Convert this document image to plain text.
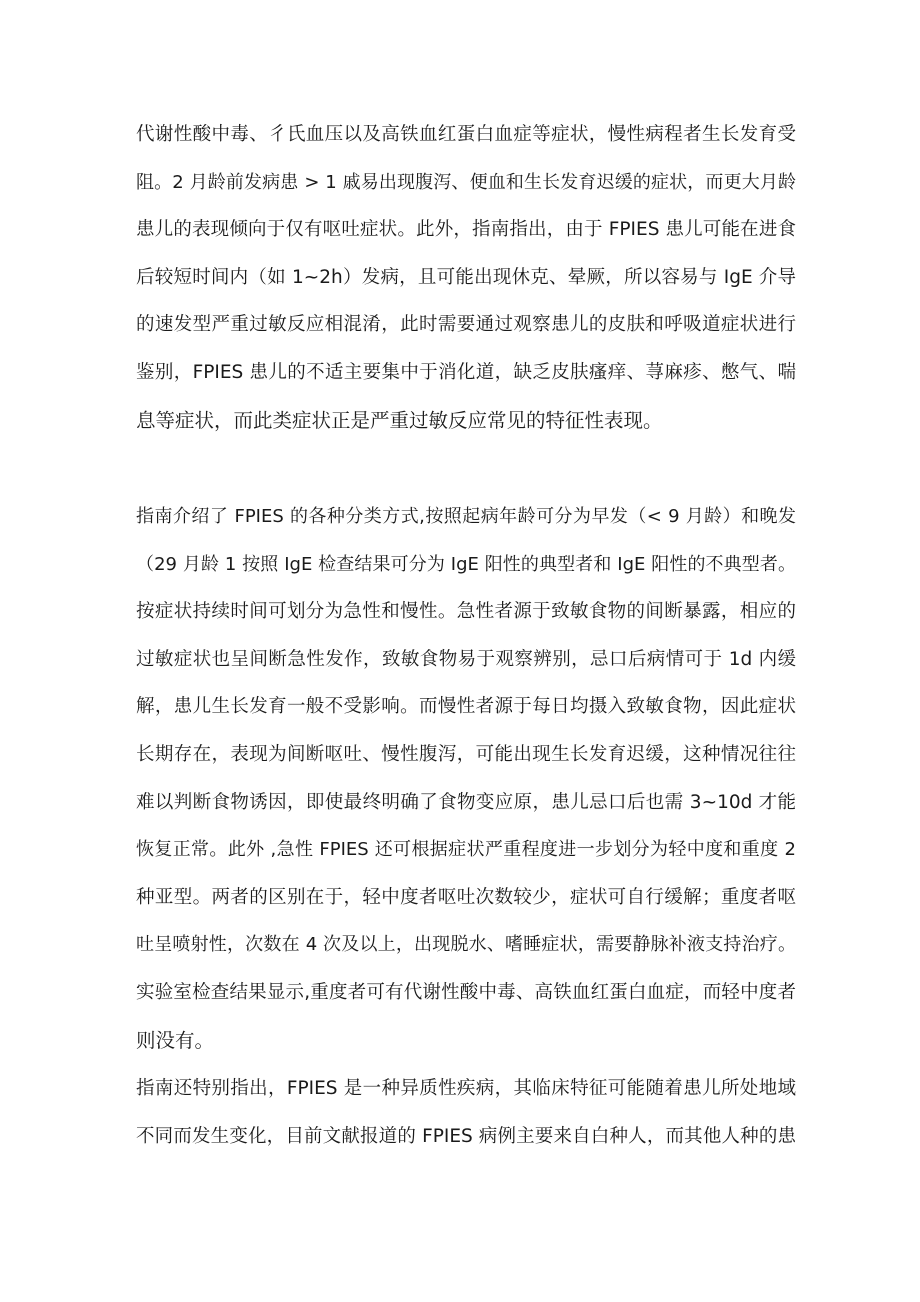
代谢性酸中毒、彳氏血压以及高铁血红蛋白血症等症状，慢性病程者生长发育受
阻。2 月龄前发病患 > 1 戚易出现腹泻、便血和生长发育迟缓的症状，而更大月龄
患儿的表现倾向于仅有呕吐症状。此外，指南指出，由于 FPIES 患儿可能在进食
后较短时间内（如 1~2h）发病，且可能出现休克、晕厥，所以容易与 IgE 介导
的速发型严重过敏反应相混淆，此时需要通过观察患儿的皮肤和呼吸道症状进行
鉴别，FPIES 患儿的不适主要集中于消化道，缺乏皮肤瘙痒、荨麻疹、憋气、喘
息等症状，而此类症状正是严重过敏反应常见的特征性表现。
指南介绍了 FPIES 的各种分类方式,按照起病年龄可分为早发（< 9 月龄）和晚发
（29 月龄 1 按照 IgE 检查结果可分为 IgE 阳性的典型者和 IgE 阳性的不典型者。
按症状持续时间可划分为急性和慢性。急性者源于致敏食物的间断暴露，相应的
过敏症状也呈间断急性发作，致敏食物易于观察辨别，忌口后病情可于 1d 内缓
解，患儿生长发育一般不受影响。而慢性者源于每日均摄入致敏食物，因此症状
长期存在，表现为间断呕吐、慢性腹泻，可能出现生长发育迟缓，这种情况往往
难以判断食物诱因，即使最终明确了食物变应原，患儿忌口后也需 3~10d 才能
恢复正常。此外 ,急性 FPIES 还可根据症状严重程度进一步划分为轻中度和重度 2
种亚型。两者的区别在于，轻中度者呕吐次数较少，症状可自行缓解；重度者呕
吐呈喷射性，次数在 4 次及以上，出现脱水、嗜睡症状，需要静脉补液支持治疗。
实验室检查结果显示,重度者可有代谢性酸中毒、高铁血红蛋白血症，而轻中度者
则没有。
指南还特别指出，FPIES 是一种异质性疾病，其临床特征可能随着患儿所处地域
不同而发生变化，目前文献报道的 FPIES 病例主要来自白种人，而其他人种的患
